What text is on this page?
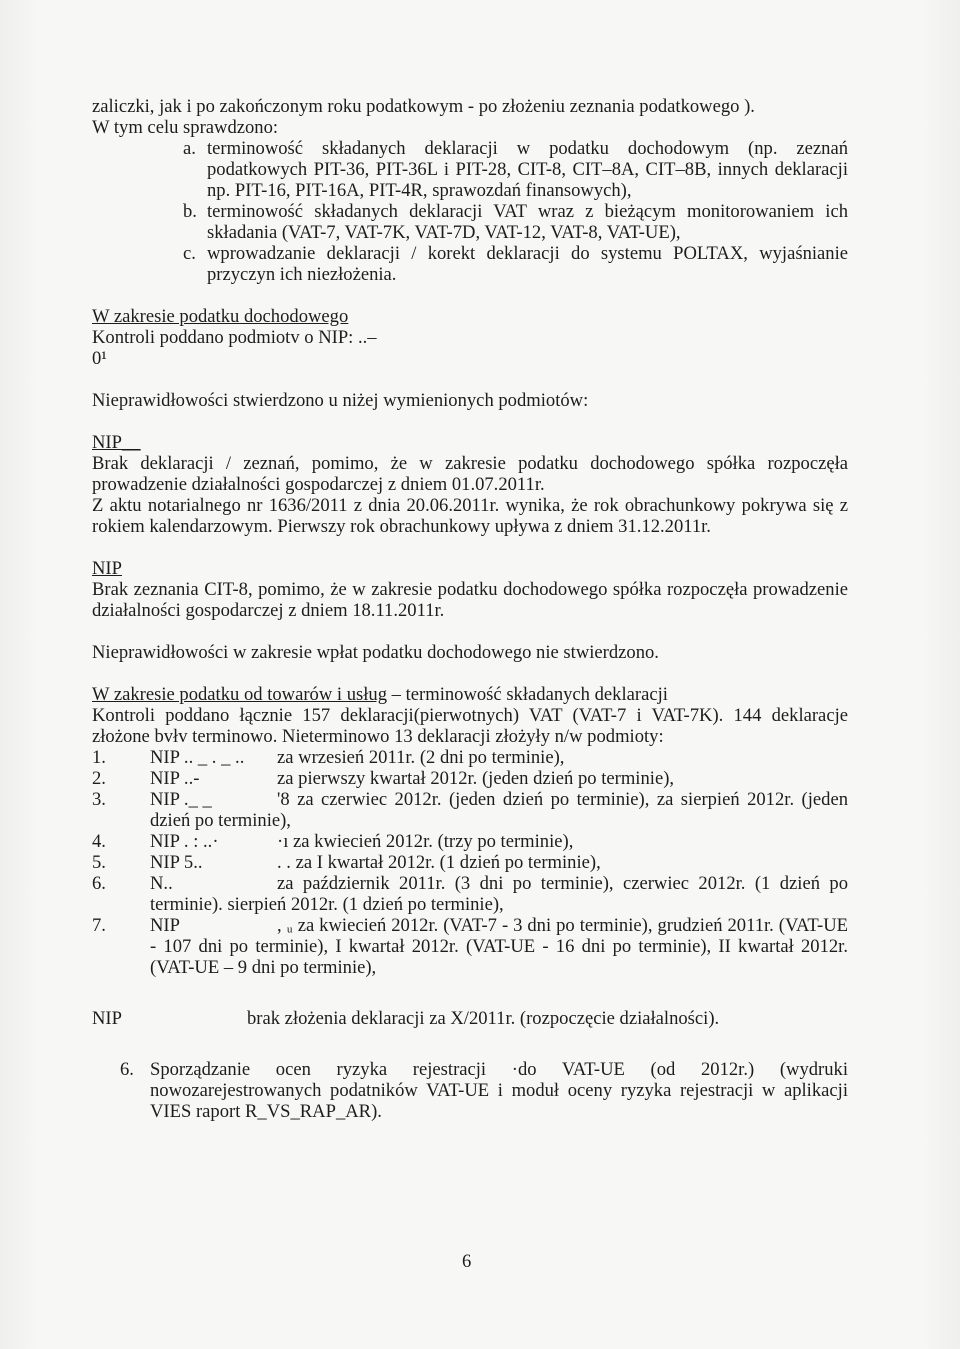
zaliczki, jak i po zakończonym roku podatkowym - po złożeniu zeznania podatkowego ).

W tym celu sprawdzono:

a. terminowość składanych deklaracji w podatku dochodowym (np. zeznań podatkowych PIT-36, PIT-36L i PIT-28, CIT-8, CIT–8A, CIT–8B, innych deklaracji np. PIT-16, PIT-16A, PIT-4R, sprawozdań finansowych),
b. terminowość składanych deklaracji VAT wraz z bieżącym monitorowaniem ich składania (VAT-7, VAT-7K, VAT-7D, VAT-12, VAT-8, VAT-UE),
c. wprowadzanie deklaracji / korekt deklaracji do systemu POLTAX, wyjaśnianie przyczyn ich niezłożenia.

W zakresie podatku dochodowego

Kontroli poddano podmiotv o NIP: ..–

0¹

Nieprawidłowości stwierdzono u niżej wymienionych podmiotów:

NIP__

Brak deklaracji / zeznań, pomimo, że w zakresie podatku dochodowego spółka rozpoczęła prowadzenie działalności gospodarczej z dniem 01.07.2011r.

Z aktu notarialnego nr 1636/2011 z dnia 20.06.2011r. wynika, że rok obrachunkowy pokrywa się z rokiem kalendarzowym. Pierwszy rok obrachunkowy upływa z dniem 31.12.2011r.

NIP

Brak zeznania CIT-8, pomimo, że w zakresie podatku dochodowego spółka rozpoczęła prowadzenie działalności gospodarczej z dniem 18.11.2011r.

Nieprawidłowości w zakresie wpłat podatku dochodowego nie stwierdzono.

W zakresie podatku od towarów i usług – terminowość składanych deklaracji

Kontroli poddano łącznie 157 deklaracji(pierwotnych) VAT (VAT-7 i VAT-7K). 144 deklaracje złożone bvłv terminowo. Nieterminowo 13 deklaracji złożyły n/w podmioty:

1. NIP .. _ . _ .. za wrzesień 2011r. (2 dni po terminie),
2. NIP ..-	za pierwszy kwartał 2012r. (jeden dzień po terminie),
3. NIP ._ _	'8 za czerwiec 2012r. (jeden dzień po terminie), za sierpień 2012r. (jeden dzień po terminie),
4. NIP . : ..·	·ı za kwiecień 2012r. (trzy po terminie),
5. NIP 5..	. . za I kwartał 2012r. (1 dzień po terminie),
6. N..	za październik 2011r. (3 dni po terminie), czerwiec 2012r. (1 dzień po terminie). sierpień 2012r. (1 dzień po terminie),
7. NIP	, ᵤ za kwiecień 2012r. (VAT-7 - 3 dni po terminie), grudzień 2011r. (VAT-UE - 107 dni po terminie), I kwartał 2012r. (VAT-UE - 16 dni po terminie), II kwartał 2012r. (VAT-UE – 9 dni po terminie),
NIP	brak złożenia deklaracji za X/2011r. (rozpoczęcie działalności).
6. Sporządzanie ocen ryzyka rejestracji ·do VAT-UE (od 2012r.) (wydruki nowozarejestrowanych podatników VAT-UE i moduł oceny ryzyka rejestracji w aplikacji VIES raport R_VS_RAP_AR).
6
